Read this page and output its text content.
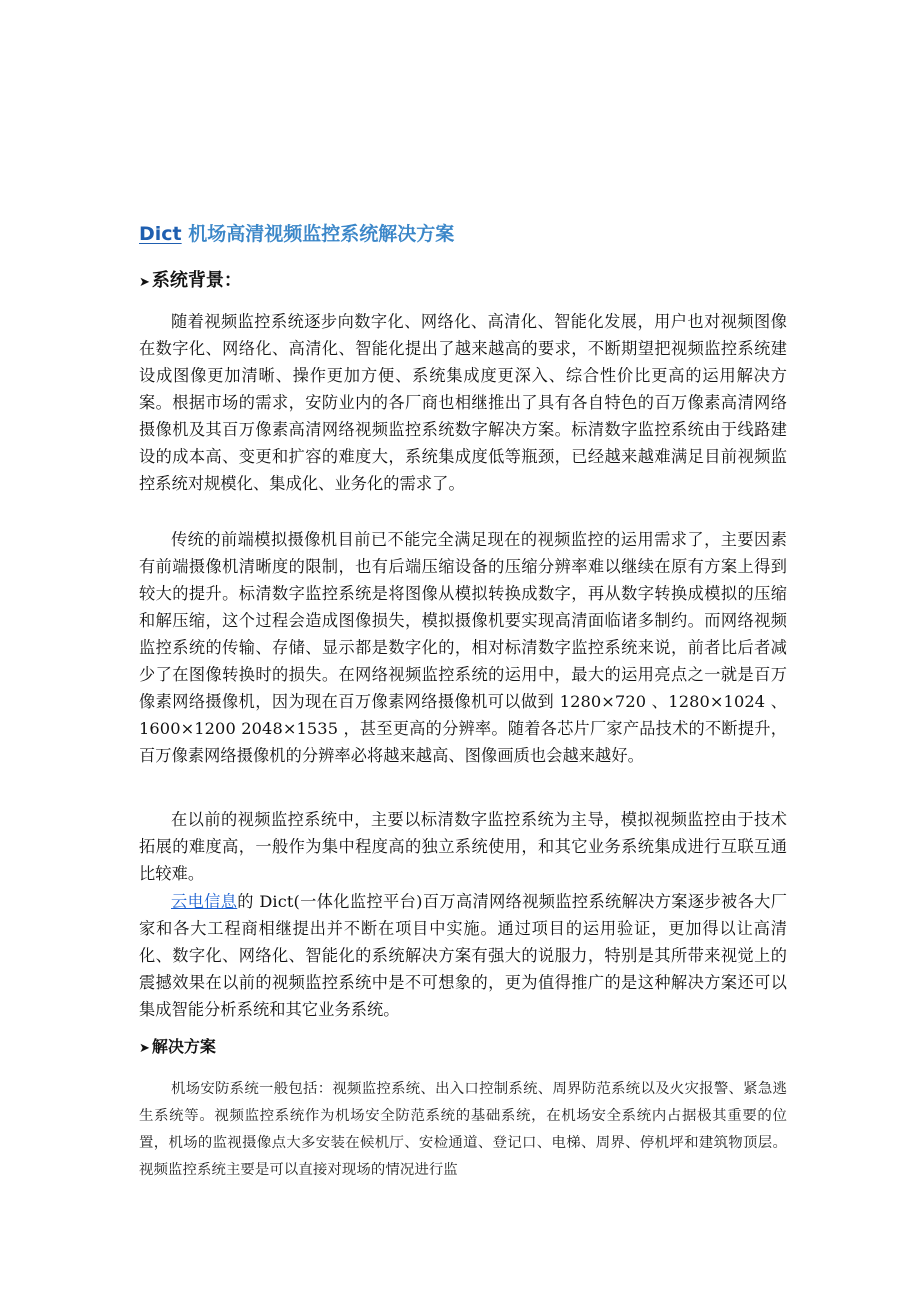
Dict 机场高清视频监控系统解决方案
➤ 系统背景：

随着视频监控系统逐步向数字化、网络化、高清化、智能化发展，用户也对视频图像在数字化、网络化、高清化、智能化提出了越来越高的要求，不断期望把视频监控系统建设成图像更加清晰、操作更加方便、系统集成度更深入、综合性价比更高的运用解决方案。根据市场的需求，安防业内的各厂商也相继推出了具有各自特色的百万像素高清网络摄像机及其百万像素高清网络视频监控系统数字解决方案。标清数字监控系统由于线路建设的成本高、变更和扩容的难度大，系统集成度低等瓶颈，已经越来越难满足目前视频监控系统对规模化、集成化、业务化的需求了。

传统的前端模拟摄像机目前已不能完全满足现在的视频监控的运用需求了，主要因素有前端摄像机清晰度的限制，也有后端压缩设备的压缩分辨率难以继续在原有方案上得到较大的提升。标清数字监控系统是将图像从模拟转换成数字，再从数字转换成模拟的压缩和解压缩，这个过程会造成图像损失，模拟摄像机要实现高清面临诸多制约。而网络视频监控系统的传输、存储、显示都是数字化的，相对标清数字监控系统来说，前者比后者减少了在图像转换时的损失。在网络视频监控系统的运用中，最大的运用亮点之一就是百万像素网络摄像机，因为现在百万像素网络摄像机可以做到 1280×720 、1280×1024 、1600×1200 2048×1535 ，甚至更高的分辨率。随着各芯片厂家产品技术的不断提升，百万像素网络摄像机的分辨率必将越来越高、图像画质也会越来越好。

在以前的视频监控系统中，主要以标清数字监控系统为主导，模拟视频监控由于技术拓展的难度高，一般作为集中程度高的独立系统使用，和其它业务系统集成进行互联互通比较难。

云电信息的 Dict(一体化监控平台)百万高清网络视频监控系统解决方案逐步被各大厂家和各大工程商相继提出并不断在项目中实施。通过项目的运用验证，更加得以让高清化、数字化、网络化、智能化的系统解决方案有强大的说服力，特别是其所带来视觉上的震撼效果在以前的视频监控系统中是不可想象的，更为值得推广的是这种解决方案还可以集成智能分析系统和其它业务系统。

➤ 解决方案

机场安防系统一般包括：视频监控系统、出入口控制系统、周界防范系统以及火灾报警、紧急逃生系统等。视频监控系统作为机场安全防范系统的基础系统，在机场安全系统内占据极其重要的位置，机场的监视摄像点大多安装在候机厅、安检通道、登记口、电梯、周界、停机坪和建筑物顶层。视频监控系统主要是可以直接对现场的情况进行监
